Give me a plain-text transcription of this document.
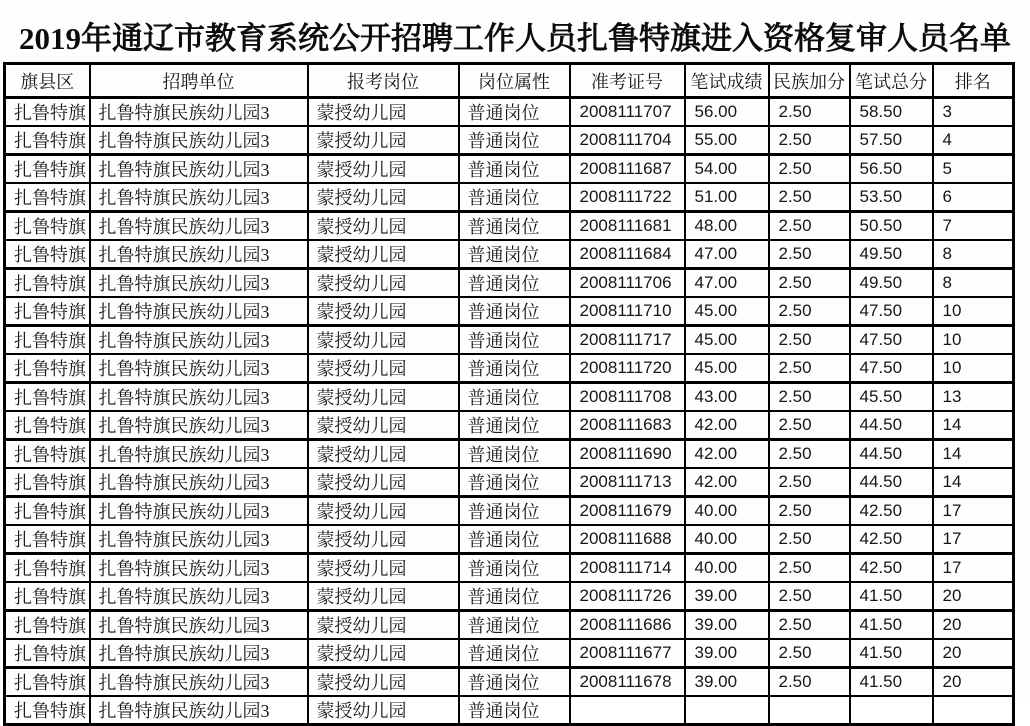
2019年通辽市教育系统公开招聘工作人员扎鲁特旗进入资格复审人员名单
旗县区	招聘单位	报考岗位	岗位属性	准考证号	笔试成绩	民族加分	笔试总分	排名
扎鲁特旗	扎鲁特旗民族幼儿园3	蒙授幼儿园	普通岗位	2008111707	56.00	2.50	58.50	3
扎鲁特旗	扎鲁特旗民族幼儿园3	蒙授幼儿园	普通岗位	2008111704	55.00	2.50	57.50	4
扎鲁特旗	扎鲁特旗民族幼儿园3	蒙授幼儿园	普通岗位	2008111687	54.00	2.50	56.50	5
扎鲁特旗	扎鲁特旗民族幼儿园3	蒙授幼儿园	普通岗位	2008111722	51.00	2.50	53.50	6
扎鲁特旗	扎鲁特旗民族幼儿园3	蒙授幼儿园	普通岗位	2008111681	48.00	2.50	50.50	7
扎鲁特旗	扎鲁特旗民族幼儿园3	蒙授幼儿园	普通岗位	2008111684	47.00	2.50	49.50	8
扎鲁特旗	扎鲁特旗民族幼儿园3	蒙授幼儿园	普通岗位	2008111706	47.00	2.50	49.50	8
扎鲁特旗	扎鲁特旗民族幼儿园3	蒙授幼儿园	普通岗位	2008111710	45.00	2.50	47.50	10
扎鲁特旗	扎鲁特旗民族幼儿园3	蒙授幼儿园	普通岗位	2008111717	45.00	2.50	47.50	10
扎鲁特旗	扎鲁特旗民族幼儿园3	蒙授幼儿园	普通岗位	2008111720	45.00	2.50	47.50	10
扎鲁特旗	扎鲁特旗民族幼儿园3	蒙授幼儿园	普通岗位	2008111708	43.00	2.50	45.50	13
扎鲁特旗	扎鲁特旗民族幼儿园3	蒙授幼儿园	普通岗位	2008111683	42.00	2.50	44.50	14
扎鲁特旗	扎鲁特旗民族幼儿园3	蒙授幼儿园	普通岗位	2008111690	42.00	2.50	44.50	14
扎鲁特旗	扎鲁特旗民族幼儿园3	蒙授幼儿园	普通岗位	2008111713	42.00	2.50	44.50	14
扎鲁特旗	扎鲁特旗民族幼儿园3	蒙授幼儿园	普通岗位	2008111679	40.00	2.50	42.50	17
扎鲁特旗	扎鲁特旗民族幼儿园3	蒙授幼儿园	普通岗位	2008111688	40.00	2.50	42.50	17
扎鲁特旗	扎鲁特旗民族幼儿园3	蒙授幼儿园	普通岗位	2008111714	40.00	2.50	42.50	17
扎鲁特旗	扎鲁特旗民族幼儿园3	蒙授幼儿园	普通岗位	2008111726	39.00	2.50	41.50	20
扎鲁特旗	扎鲁特旗民族幼儿园3	蒙授幼儿园	普通岗位	2008111686	39.00	2.50	41.50	20
扎鲁特旗	扎鲁特旗民族幼儿园3	蒙授幼儿园	普通岗位	2008111677	39.00	2.50	41.50	20
扎鲁特旗	扎鲁特旗民族幼儿园3	蒙授幼儿园	普通岗位	2008111678	39.00	2.50	41.50	20
扎鲁特旗	扎鲁特旗民族幼儿园3	蒙授幼儿园	普通岗位					
